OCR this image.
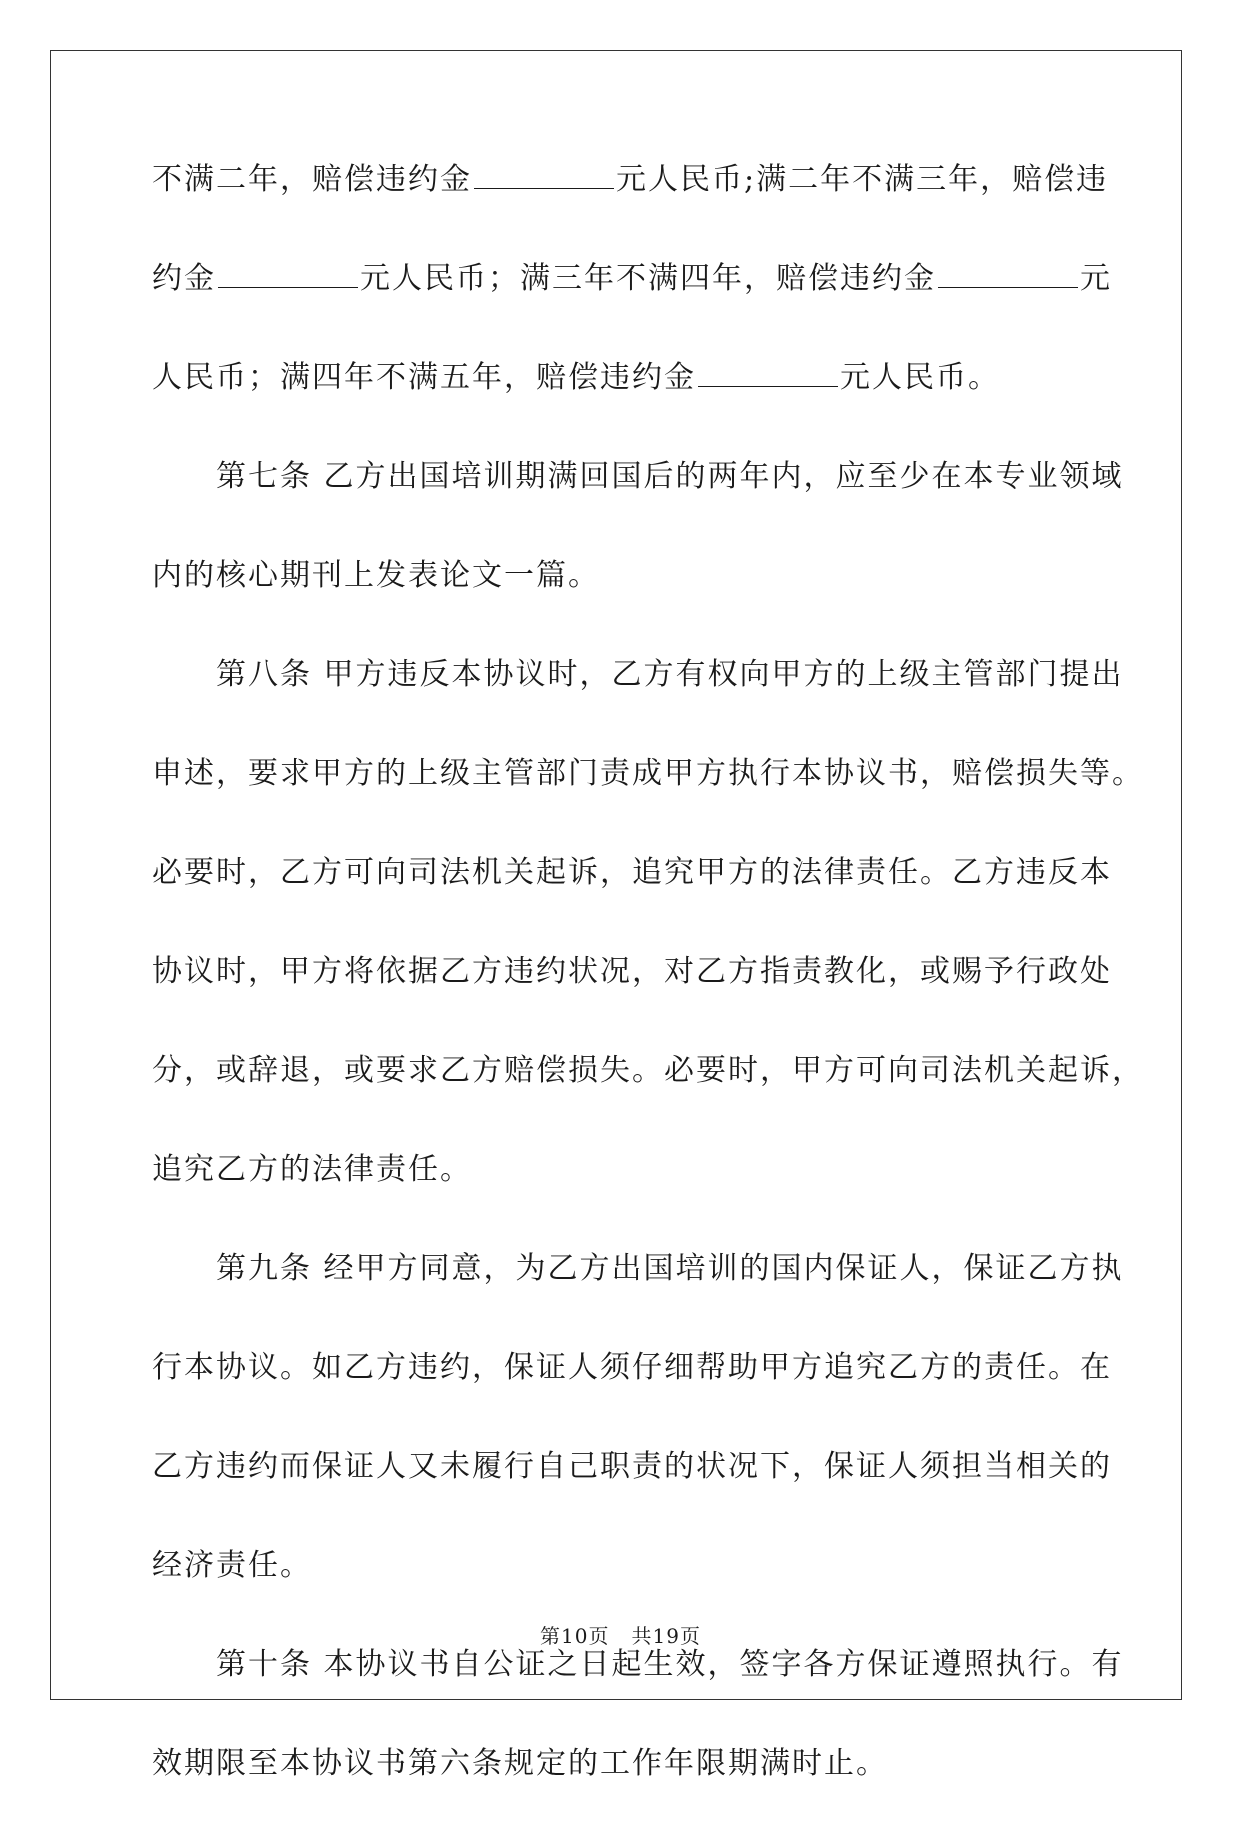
不满二年，赔偿违约金	元人民币;满二年不满三年，赔偿违
约金	元人民币；满三年不满四年，赔偿违约金	元
人民币；满四年不满五年，赔偿违约金	元人民币。
第七条 乙方出国培训期满回国后的两年内，应至少在本专业领域
内的核心期刊上发表论文一篇。
第八条 甲方违反本协议时，乙方有权向甲方的上级主管部门提出
申述，要求甲方的上级主管部门责成甲方执行本协议书，赔偿损失等。
必要时，乙方可向司法机关起诉，追究甲方的法律责任。乙方违反本
协议时，甲方将依据乙方违约状况，对乙方指责教化，或赐予行政处
分，或辞退，或要求乙方赔偿损失。必要时，甲方可向司法机关起诉，
追究乙方的法律责任。
第九条 经甲方同意，为乙方出国培训的国内保证人，保证乙方执
行本协议。如乙方违约，保证人须仔细帮助甲方追究乙方的责任。在
乙方违约而保证人又未履行自己职责的状况下，保证人须担当相关的
经济责任。
第十条 本协议书自公证之日起生效，签字各方保证遵照执行。有
效期限至本协议书第六条规定的工作年限期满时止。
第10页   共19页
